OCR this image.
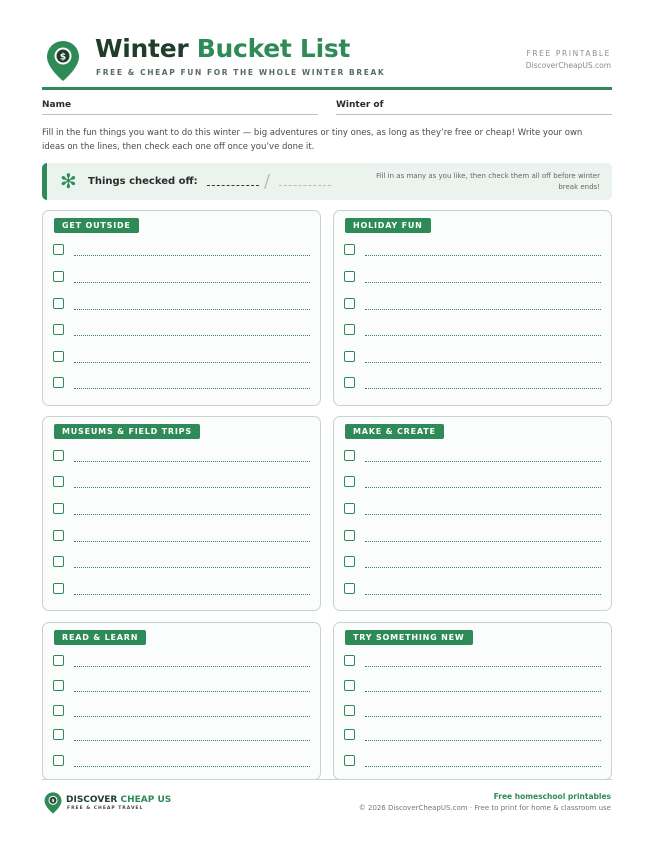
$ Winter Bucket List
FREE & CHEAP FUN FOR THE WHOLE WINTER BREAK
FREE PRINTABLE
DiscoverCheapUS.com
Name	Winter of
Fill in the fun things you want to do this winter — big adventures or tiny ones, as long as they’re free or cheap! Write your own ideas on the lines, then check each one off once you’ve done it.
✻ Things checked off:	/	Fill in as many as you like, then check them all off before winter break ends!
GET OUTSIDE	HOLIDAY FUN
MUSEUMS & FIELD TRIPS	MAKE & CREATE
READ & LEARN	TRY SOMETHING NEW
$ DISCOVER CHEAP US
FREE & CHEAP TRAVEL
Free homeschool printables
© 2026 DiscoverCheapUS.com · Free to print for home & classroom use
